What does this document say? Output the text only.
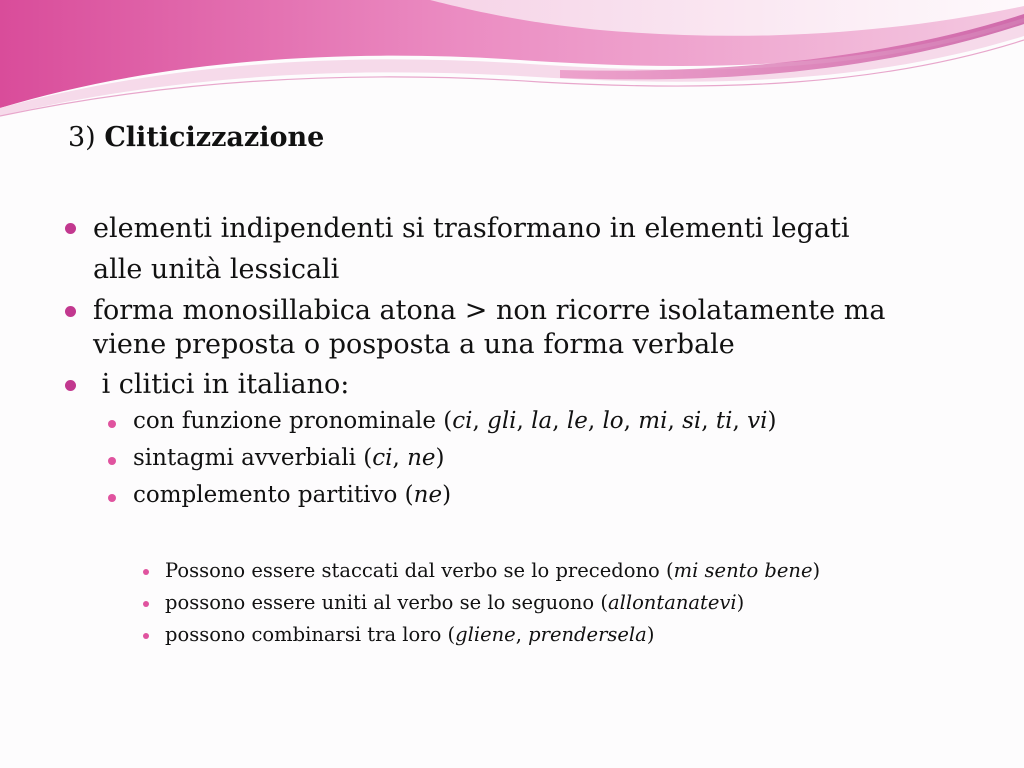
3) Cliticizzazione
elementi indipendenti si trasformano in elementi legati
alle unità lessicali
forma monosillabica atona > non ricorre isolatamente ma
viene preposta o posposta a una forma verbale
i clitici in italiano:
con funzione pronominale (ci, gli, la, le, lo, mi, si, ti, vi)
sintagmi avverbiali (ci, ne)
complemento partitivo (ne)
Possono essere staccati dal verbo se lo precedono (mi sento bene)
possono essere uniti al verbo se lo seguono (allontanatevi)
possono combinarsi tra loro (gliene, prendersela)
